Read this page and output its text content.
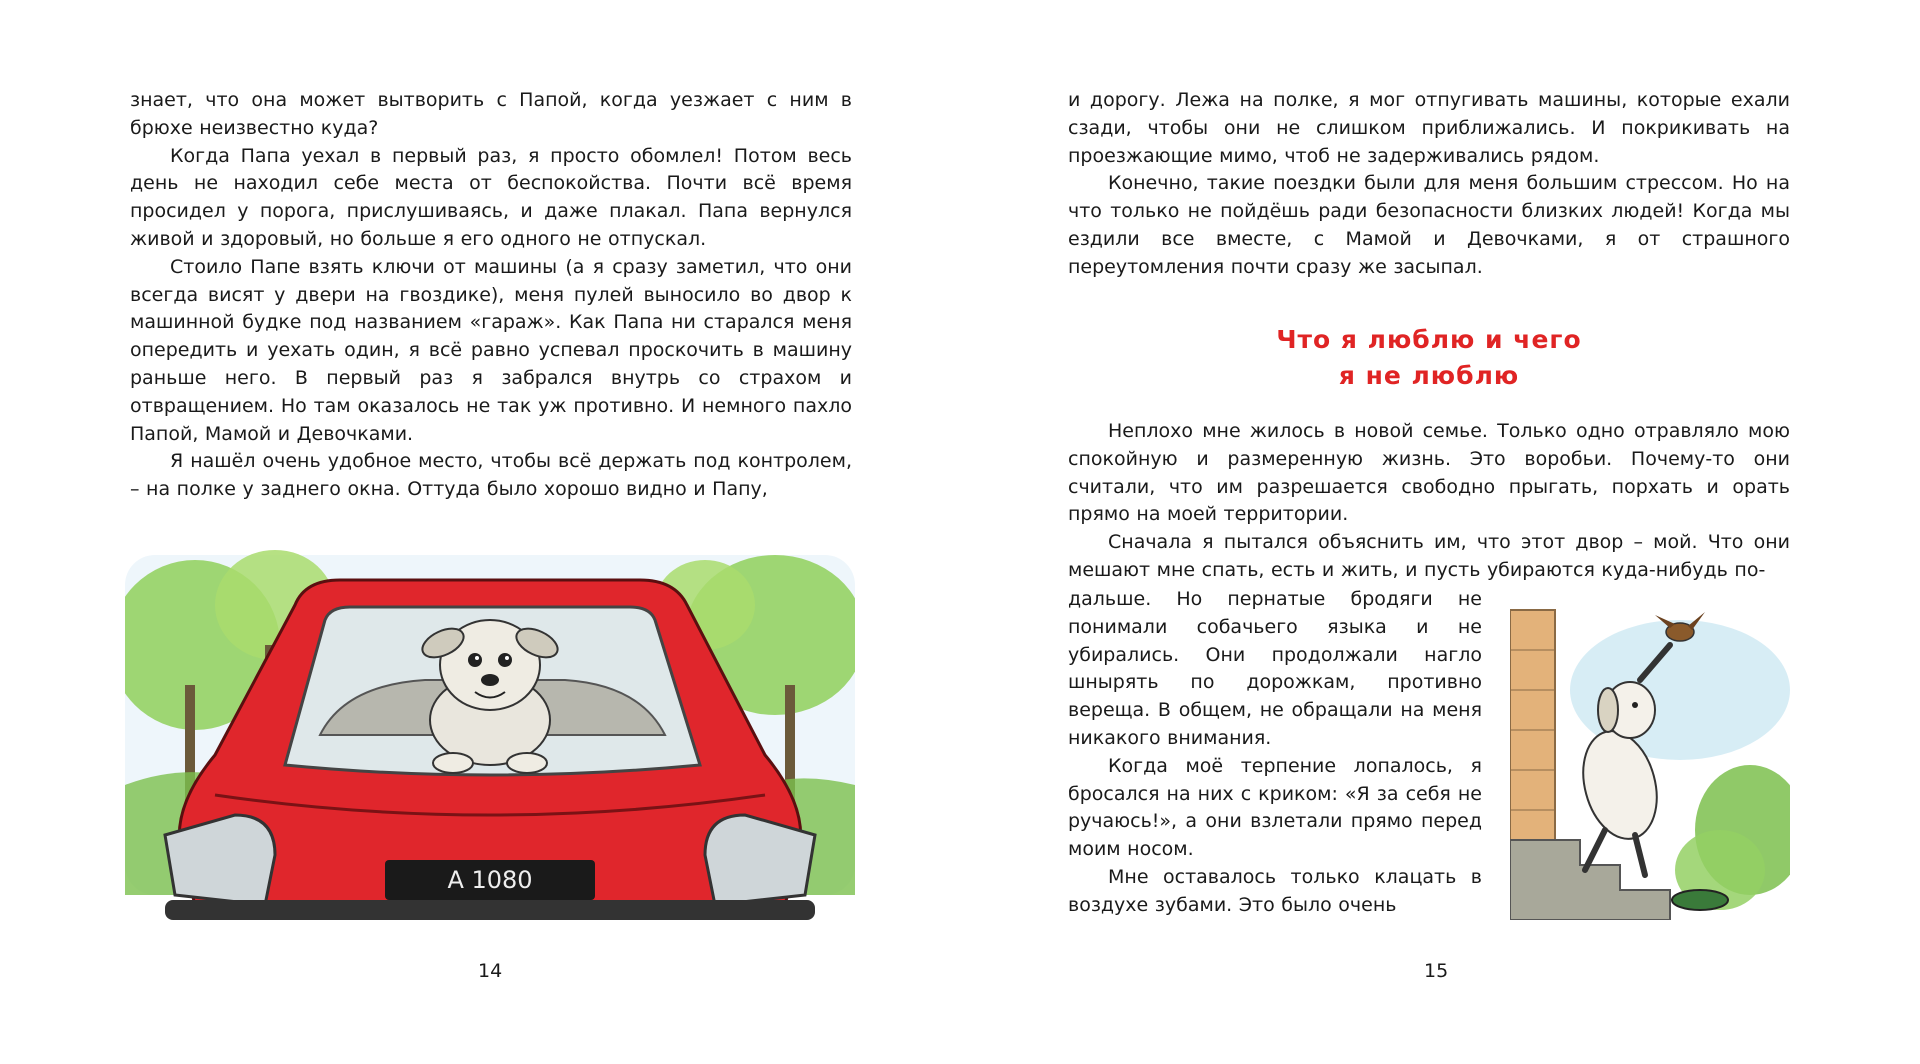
знает, что она может вытворить с Папой, когда уезжает с ним в брюхе неизвестно куда?

Когда Папа уехал в первый раз, я просто обомлел! Потом весь день не находил себе места от беспокойства. Почти всё время просидел у порога, прислушиваясь, и даже плакал. Папа вернулся живой и здоровый, но больше я его одного не отпускал.

Стоило Папе взять ключи от машины (а я сразу заметил, что они всегда висят у двери на гвоздике), меня пулей выносило во двор к машинной будке под названием «гараж». Как Папа ни старался меня опередить и уехать один, я всё равно успевал проскочить в машину раньше него. В первый раз я забрался внутрь со страхом и отвращением. Но там оказалось не так уж противно. И немного пахло Папой, Мамой и Девочками.

Я нашёл очень удобное место, чтобы всё держать под контролем, – на полке у заднего окна. Оттуда было хорошо видно и Папу,

А 1080
14

и дорогу. Лежа на полке, я мог отпугивать машины, которые ехали сзади, чтобы они не слишком приближались. И покрикивать на проезжающие мимо, чтоб не задерживались рядом.

Конечно, такие поездки были для меня большим стрессом. Но на что только не пойдёшь ради безопасности близких людей! Когда мы ездили все вместе, с Мамой и Девочками, я от страшного переутомления почти сразу же засыпал.

Что я люблю и чего
я не люблю

Неплохо мне жилось в новой семье. Только одно отравляло мою спокойную и размеренную жизнь. Это воробьи. Почему-то они считали, что им разрешается свободно прыгать, порхать и орать прямо на моей территории.

Сначала я пытался объяснить им, что этот двор – мой. Что они мешают мне спать, есть и жить, и пусть убираются куда-нибудь по-

дальше. Но пернатые бродяги не понимали собачьего языка и не убирались. Они продолжали нагло шнырять по дорожкам, противно вереща. В общем, не обращали на меня никакого внимания.

Когда моё терпение лопалось, я бросался на них с криком: «Я за себя не ручаюсь!», а они взлетали прямо перед моим носом.

Мне оставалось только клацать в воздухе зубами. Это было очень

15
